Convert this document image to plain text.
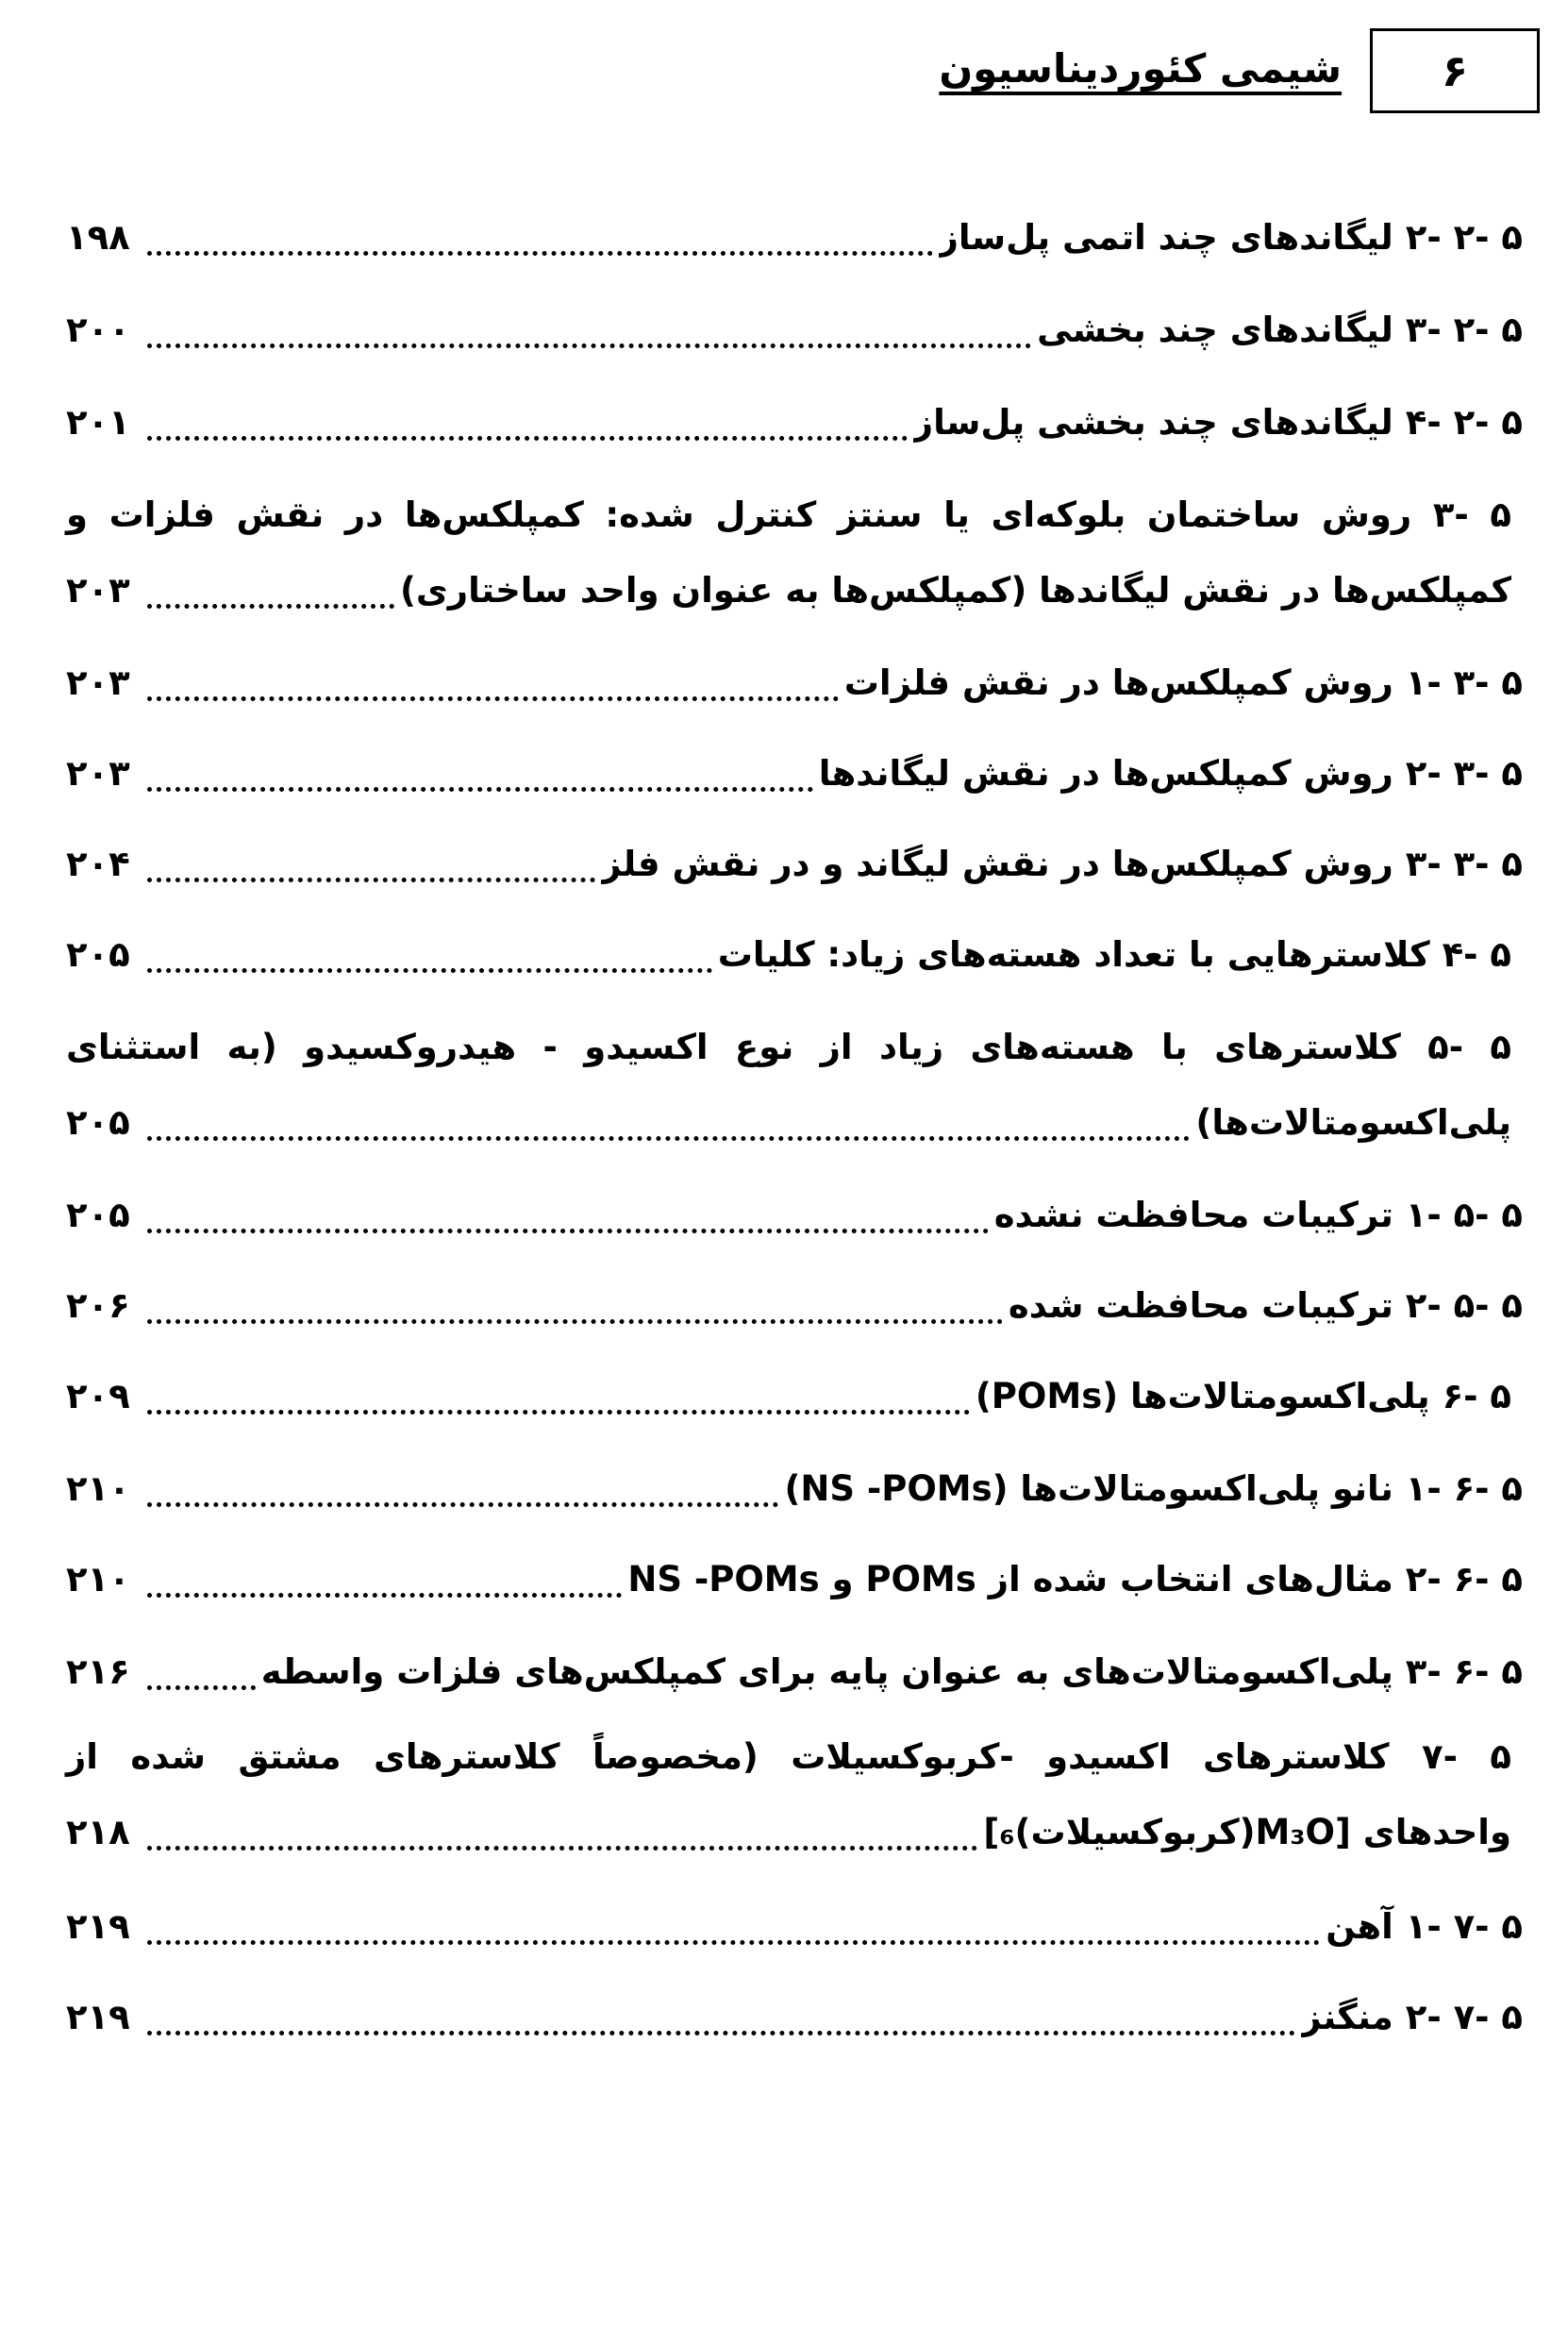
۶
شیمی کئوردیناسیون
۵ -۲ -۲ لیگاندهای چند اتمی پل‌ساز
۱۹۸
۵ -۲ -۳ لیگاندهای چند بخشی
۲۰۰
۵ -۲ -۴ لیگاندهای چند بخشی پل‌ساز
۲۰۱
۵ -۳ روش ساختمان بلوکه‌ای یا سنتز کنترل شده: کمپلکس‌ها در نقش فلزات و
کمپلکس‌ها در نقش لیگاندها (کمپلکس‌ها به عنوان واحد ساختاری)
۲۰۳
۵ -۳ -۱ روش کمپلکس‌ها در نقش فلزات
۲۰۳
۵ -۳ -۲ روش کمپلکس‌ها در نقش لیگاندها
۲۰۳
۵ -۳ -۳ روش کمپلکس‌ها در نقش لیگاند و در نقش فلز
۲۰۴
۵ -۴ کلاسترهایی با تعداد هسته‌های زیاد: کلیات
۲۰۵
۵ -۵ کلاسترهای با هسته‌های زیاد از نوع اکسیدو - هیدروکسیدو (به استثنای
پلی‌اکسومتالات‌ها)
۲۰۵
۵ -۵ -۱ ترکیبات محافظت نشده
۲۰۵
۵ -۵ -۲ ترکیبات محافظت شده
۲۰۶
۵ -۶ پلی‌اکسومتالات‌ها (POMs)
۲۰۹
۵ -۶ -۱ نانو پلی‌اکسومتالات‌ها (NS -POMs)
۲۱۰
۵ -۶ -۲ مثال‌های انتخاب شده از POMs و NS -POMs
۲۱۰
۵ -۶ -۳ پلی‌اکسومتالات‌های به عنوان پایه برای کمپلکس‌های فلزات واسطه
۲۱۶
۵ -۷ کلاسترهای اکسیدو -کربوکسیلات (مخصوصاً کلاسترهای مشتق شده از
واحدهای [M₃O(کربوکسیلات)₆]
۲۱۸
۵ -۷ -۱ آهن
۲۱۹
۵ -۷ -۲ منگنز
۲۱۹
